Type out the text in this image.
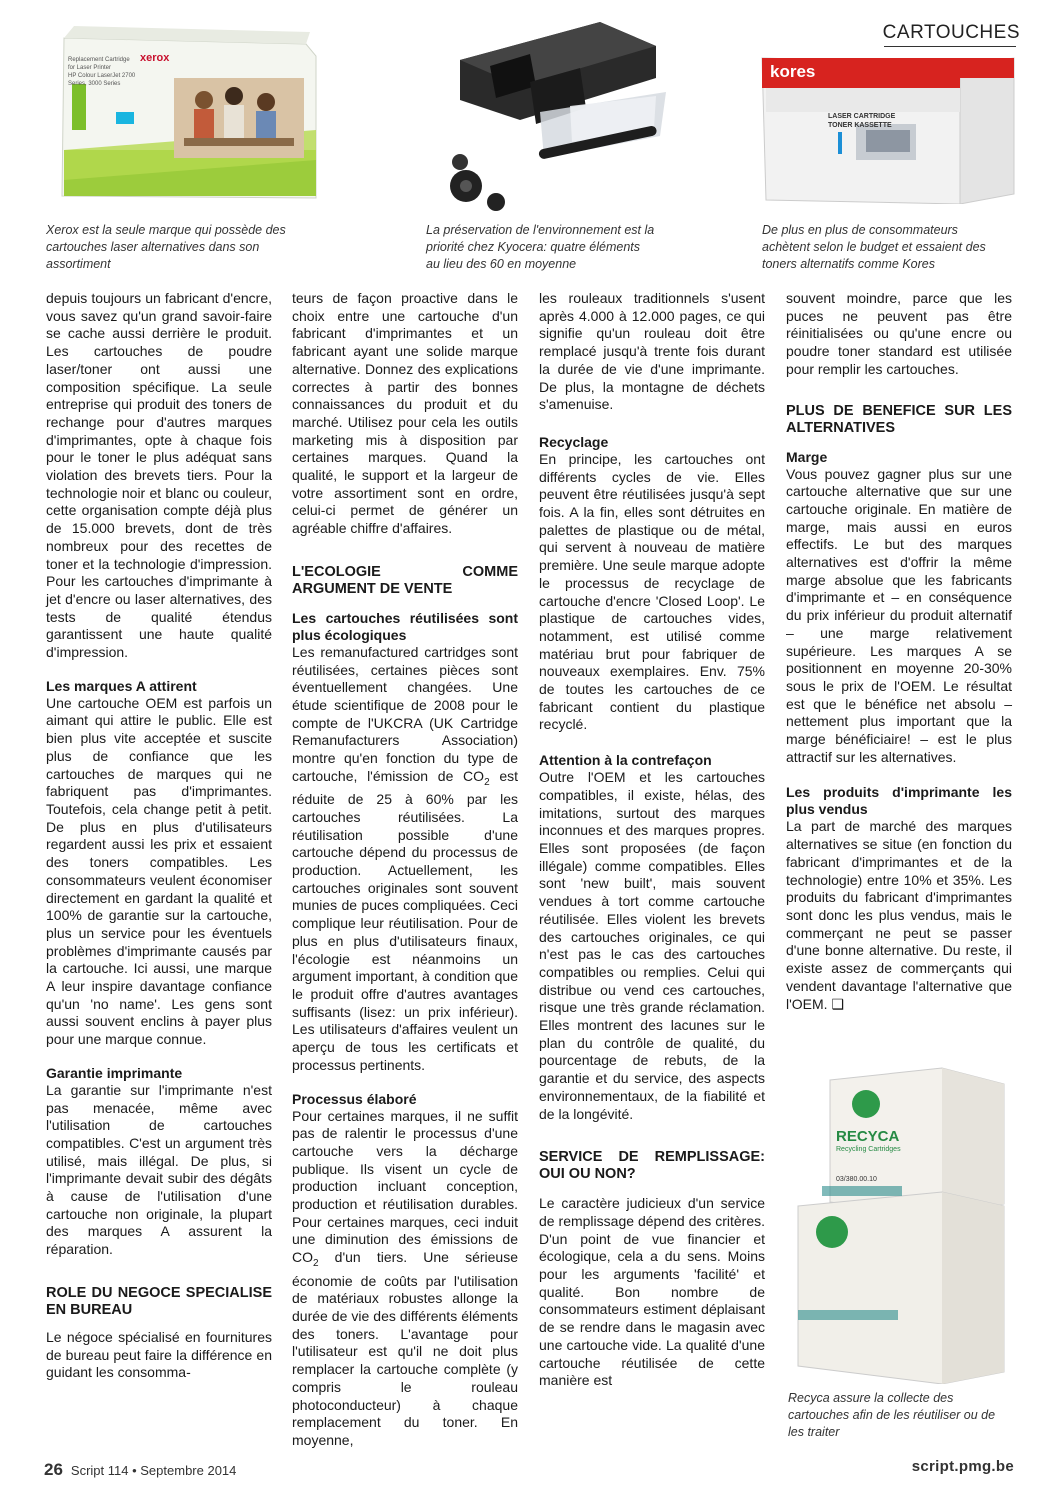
CARTOUCHES
xerox
Replacement Cartridge
for Laser Printer
HP Colour LaserJet 2700 Series, 3000 Series
Xerox est la seule marque qui possède des cartouches laser alternatives dans son assortiment
La préservation de l'environnement est la priorité chez Kyocera: quatre éléments au lieu des 60 en moyenne
kores
LASER CARTRIDGE
TONER KASSETTE
De plus en plus de consommateurs achètent selon le budget et essaient des toners alternatifs comme Kores
RECYCA
Recycling Cartridges
03/380.00.10
Recyca assure la collecte des cartouches afin de les réutiliser ou de les traiter

depuis toujours un fabricant d'encre, vous savez qu'un grand savoir-faire se cache aussi derrière le produit. Les cartouches de poudre laser/toner ont aussi une composition spécifique. La seule entreprise qui produit des toners de rechange pour d'autres marques d'imprimantes, opte à chaque fois pour le toner le plus adéquat sans violation des brevets tiers. Pour la technologie noir et blanc ou couleur, cette organisation compte déjà plus de 15.000 brevets, dont de très nombreux pour des recettes de toner et la technologie d'impression. Pour les cartouches d'imprimante à jet d'encre ou laser alternatives, des tests de qualité étendus garantissent une haute qualité d'impression.

Les marques A attirent

Une cartouche OEM est parfois un aimant qui attire le public. Elle est bien plus vite acceptée et suscite plus de confiance que les cartouches de marques qui ne fabriquent pas d'imprimantes. Toutefois, cela change petit à petit. De plus en plus d'utilisateurs regardent aussi les prix et essaient des toners compatibles. Les consommateurs veulent économiser directement en gardant la qualité et 100% de garantie sur la cartouche, plus un service pour les éventuels problèmes d'imprimante causés par la cartouche. Ici aussi, une marque A leur inspire davantage confiance qu'un 'no name'. Les gens sont aussi souvent enclins à payer plus pour une marque connue.

Garantie imprimante

La garantie sur l'imprimante n'est pas menacée, même avec l'utilisation de cartouches compatibles. C'est un argument très utilisé, mais illégal. De plus, si l'imprimante devait subir des dégâts à cause de l'utilisation d'une cartouche non originale, la plupart des marques A assurent la réparation.

ROLE DU NEGOCE SPECIALISE EN BUREAU

Le négoce spécialisé en fournitures de bureau peut faire la différence en guidant les consomma-

teurs de façon proactive dans le choix entre une cartouche d'un fabricant d'imprimantes et un fabricant ayant une solide marque alternative. Donnez des explications correctes à partir des bonnes connaissances du produit et du marché. Utilisez pour cela les outils marketing mis à disposition par certaines marques. Quand la qualité, le support et la largeur de votre assortiment sont en ordre, celui-ci permet de générer un agréable chiffre d'affaires.

L'ECOLOGIE COMME ARGUMENT DE VENTE
Les cartouches réutilisées sont plus écologiques

Les remanufactured cartridges sont réutilisées, certaines pièces sont éventuellement changées. Une étude scientifique de 2008 pour le compte de l'UKCRA (UK Cartridge Remanufacturers Association) montre qu'en fonction du type de cartouche, l'émission de $CO_2$ est réduite de 25 à 60% par les cartouches réutilisées. La réutilisation possible d'une cartouche dépend du processus de production. Actuellement, les cartouches originales sont souvent munies de puces compliquées. Ceci complique leur réutilisation. Pour de plus en plus d'utilisateurs finaux, l'écologie est néanmoins un argument important, à condition que le produit offre d'autres avantages suffisants (lisez: un prix inférieur). Les utilisateurs d'affaires veulent un aperçu de tous les certificats et processus pertinents.

Processus élaboré

Pour certaines marques, il ne suffit pas de ralentir le processus d'une cartouche vers la décharge publique. Ils visent un cycle de production incluant conception, production et réutilisation durables. Pour certaines marques, ceci induit une diminution des émissions de $CO_2$ d'un tiers. Une sérieuse économie de coûts par l'utilisation de matériaux robustes allonge la durée de vie des différents éléments des toners. L'avantage pour l'utilisateur est qu'il ne doit plus remplacer la cartouche complète (y compris le rouleau photoconducteur) à chaque remplacement du toner. En moyenne,

les rouleaux traditionnels s'usent après 4.000 à 12.000 pages, ce qui signifie qu'un rouleau doit être remplacé jusqu'à trente fois durant la durée de vie d'une imprimante. De plus, la montagne de déchets s'amenuise.

Recyclage

En principe, les cartouches ont différents cycles de vie. Elles peuvent être réutilisées jusqu'à sept fois. A la fin, elles sont détruites en palettes de plastique ou de métal, qui servent à nouveau de matière première. Une seule marque adopte le processus de recyclage de cartouche d'encre 'Closed Loop'. Le plastique de cartouches vides, notamment, est utilisé comme matériau brut pour fabriquer de nouveaux exemplaires. Env. 75% de toutes les cartouches de ce fabricant contient du plastique recyclé.

Attention à la contrefaçon

Outre l'OEM et les cartouches compatibles, il existe, hélas, des imitations, surtout des marques inconnues et des marques propres. Elles sont proposées (de façon illégale) comme compatibles. Elles sont 'new built', mais souvent vendues à tort comme cartouche réutilisée. Elles violent les brevets des cartouches originales, ce qui n'est pas le cas des cartouches compatibles ou remplies. Celui qui distribue ou vend ces cartouches, risque une très grande réclamation. Elles montrent des lacunes sur le plan du contrôle de qualité, du pourcentage de rebuts, de la garantie et du service, des aspects environnementaux, de la fiabilité et de la longévité.

SERVICE DE REMPLISSAGE: OUI OU NON?

Le caractère judicieux d'un service de remplissage dépend des critères. D'un point de vue financier et écologique, cela a du sens. Moins pour les arguments 'facilité' et qualité. Bon nombre de consommateurs estiment déplaisant de se rendre dans le magasin avec une cartouche vide. La qualité d'une cartouche réutilisée de cette manière est

souvent moindre, parce que les puces ne peuvent pas être réinitialisées ou qu'une encre ou poudre toner standard est utilisée pour remplir les cartouches.

PLUS DE BENEFICE SUR LES ALTERNATIVES
Marge

Vous pouvez gagner plus sur une cartouche alternative que sur une cartouche originale. En matière de marge, mais aussi en euros effectifs. Le but des marques alternatives est d'offrir la même marge absolue que les fabricants d'imprimante et – en conséquence du prix inférieur du produit alternatif – une marge relativement supérieure. Les marques A se positionnent en moyenne 20-30% sous le prix de l'OEM. Le résultat est que le bénéfice net absolu – nettement plus important que la marge bénéficiaire! – est le plus attractif sur les alternatives.

Les produits d'imprimante les plus vendus

La part de marché des marques alternatives se situe (en fonction du fabricant d'imprimantes et de la technologie) entre 10% et 35%. Les produits du fabricant d'imprimantes sont donc les plus vendus, mais le commerçant ne peut se passer d'une bonne alternative. Du reste, il existe assez de commerçants qui vendent davantage l'alternative que l'OEM. ❑

26 Script 114 • Septembre 2014	script.pmg.be
